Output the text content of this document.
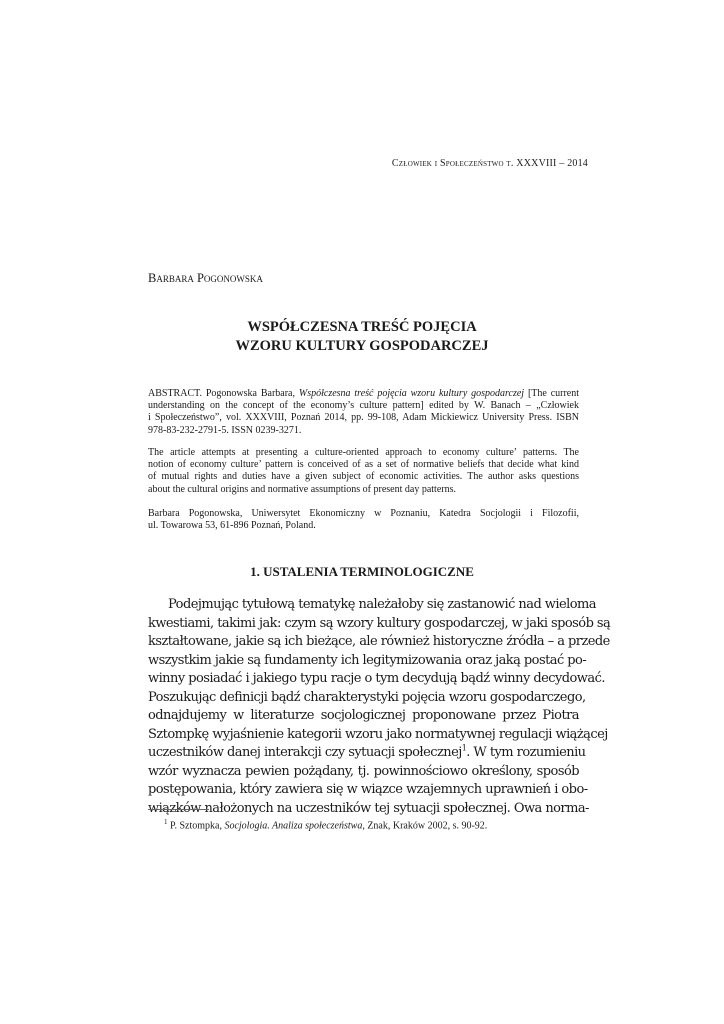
Człowiek i Społeczeństwo t. XXXVIII – 2014
Barbara Pogonowska
WSPÓŁCZESNA TREŚĆ POJĘCIA
WZORU KULTURY GOSPODARCZEJ
ABSTRACT. Pogonowska Barbara, Współczesna treść pojęcia wzoru kultury gospodarczej [The current
understanding on the concept of the economy’s culture pattern] edited by W. Banach – „Człowiek
i Społeczeństwo”, vol. XXXVIII, Poznań 2014, pp. 99-108, Adam Mickiewicz University Press. ISBN
978-83-232-2791-5. ISSN 0239-3271.
The article attempts at presenting a culture-oriented approach to economy culture’ patterns. The
notion of economy culture’ pattern is conceived of as a set of normative beliefs that decide what kind
of mutual rights and duties have a given subject of economic activities. The author asks questions
about the cultural origins and normative assumptions of present day patterns.
Barbara Pogonowska, Uniwersytet Ekonomiczny w Poznaniu, Katedra Socjologii i Filozofii,
ul. Towarowa 53, 61-896 Poznań, Poland.
1. USTALENIA TERMINOLOGICZNE
Podejmując tytułową tematykę należałoby się zastanowić nad wieloma
kwestiami, takimi jak: czym są wzory kultury gospodarczej, w jaki sposób są
kształtowane, jakie są ich bieżące, ale również historyczne źródła – a przede
wszystkim jakie są fundamenty ich legitymizowania oraz jaką postać po-
winny posiadać i jakiego typu racje o tym decydują bądź winny decydować.
Poszukując definicji bądź charakterystyki pojęcia wzoru gospodarczego,
odnajdujemy w literaturze socjologicznej proponowane przez Piotra
Sztompkę wyjaśnienie kategorii wzoru jako normatywnej regulacji wiążącej
uczestników danej interakcji czy sytuacji społecznej$^1$. W tym rozumieniu
wzór wyznacza pewien pożądany, tj. powinnościowo określony, sposób
postępowania, który zawiera się w wiązce wzajemnych uprawnień i obo-
wiązków nałożonych na uczestników tej sytuacji społecznej. Owa norma-
$^1$ P. Sztompka, Socjologia. Analiza społeczeństwa, Znak, Kraków 2002, s. 90-92.
